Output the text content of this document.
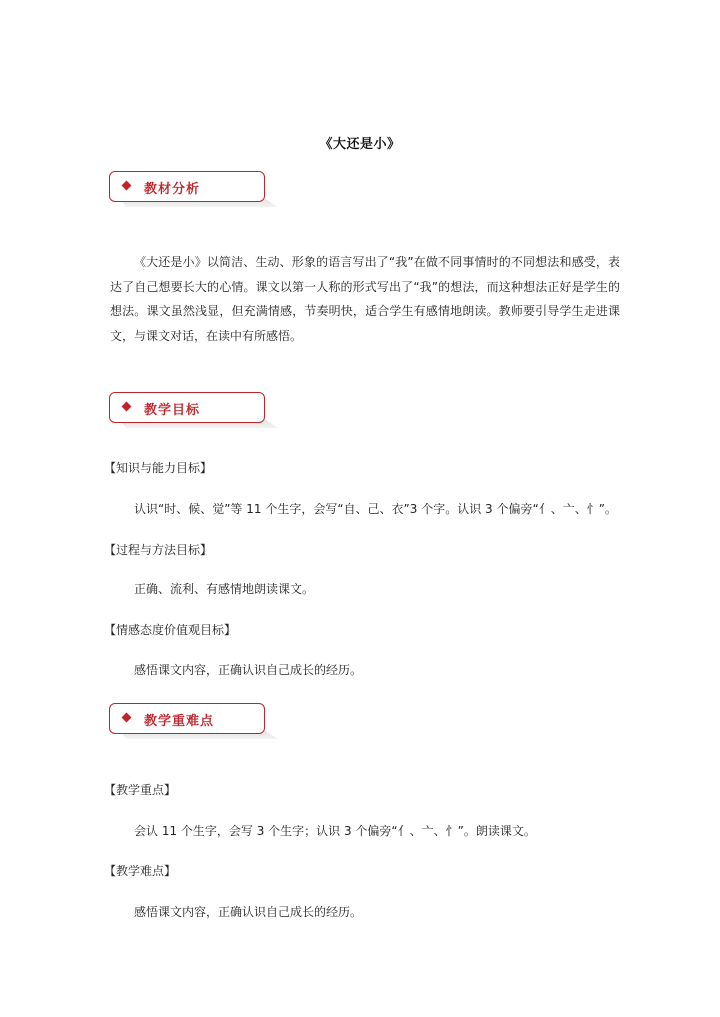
《大还是小》
教材分析
《大还是小》以简洁、生动、形象的语言写出了“我”在做不同事情时的不同想法和感受，表达了自己想要长大的心情。课文以第一人称的形式写出了“我”的想法，而这种想法正好是学生的想法。课文虽然浅显，但充满情感，节奏明快，适合学生有感情地朗读。教师要引导学生走进课文，与课文对话，在读中有所感悟。
教学目标
【知识与能力目标】
认识“时、候、觉”等 11 个生字，会写“自、己、衣”3 个字。认识 3 个偏旁“亻、亠、忄”。
【过程与方法目标】
正确、流利、有感情地朗读课文。
【情感态度价值观目标】
感悟课文内容，正确认识自己成长的经历。
教学重难点
【教学重点】
会认 11 个生字，会写 3 个生字；认识 3 个偏旁“亻、亠、忄”。朗读课文。
【教学难点】
感悟课文内容，正确认识自己成长的经历。
